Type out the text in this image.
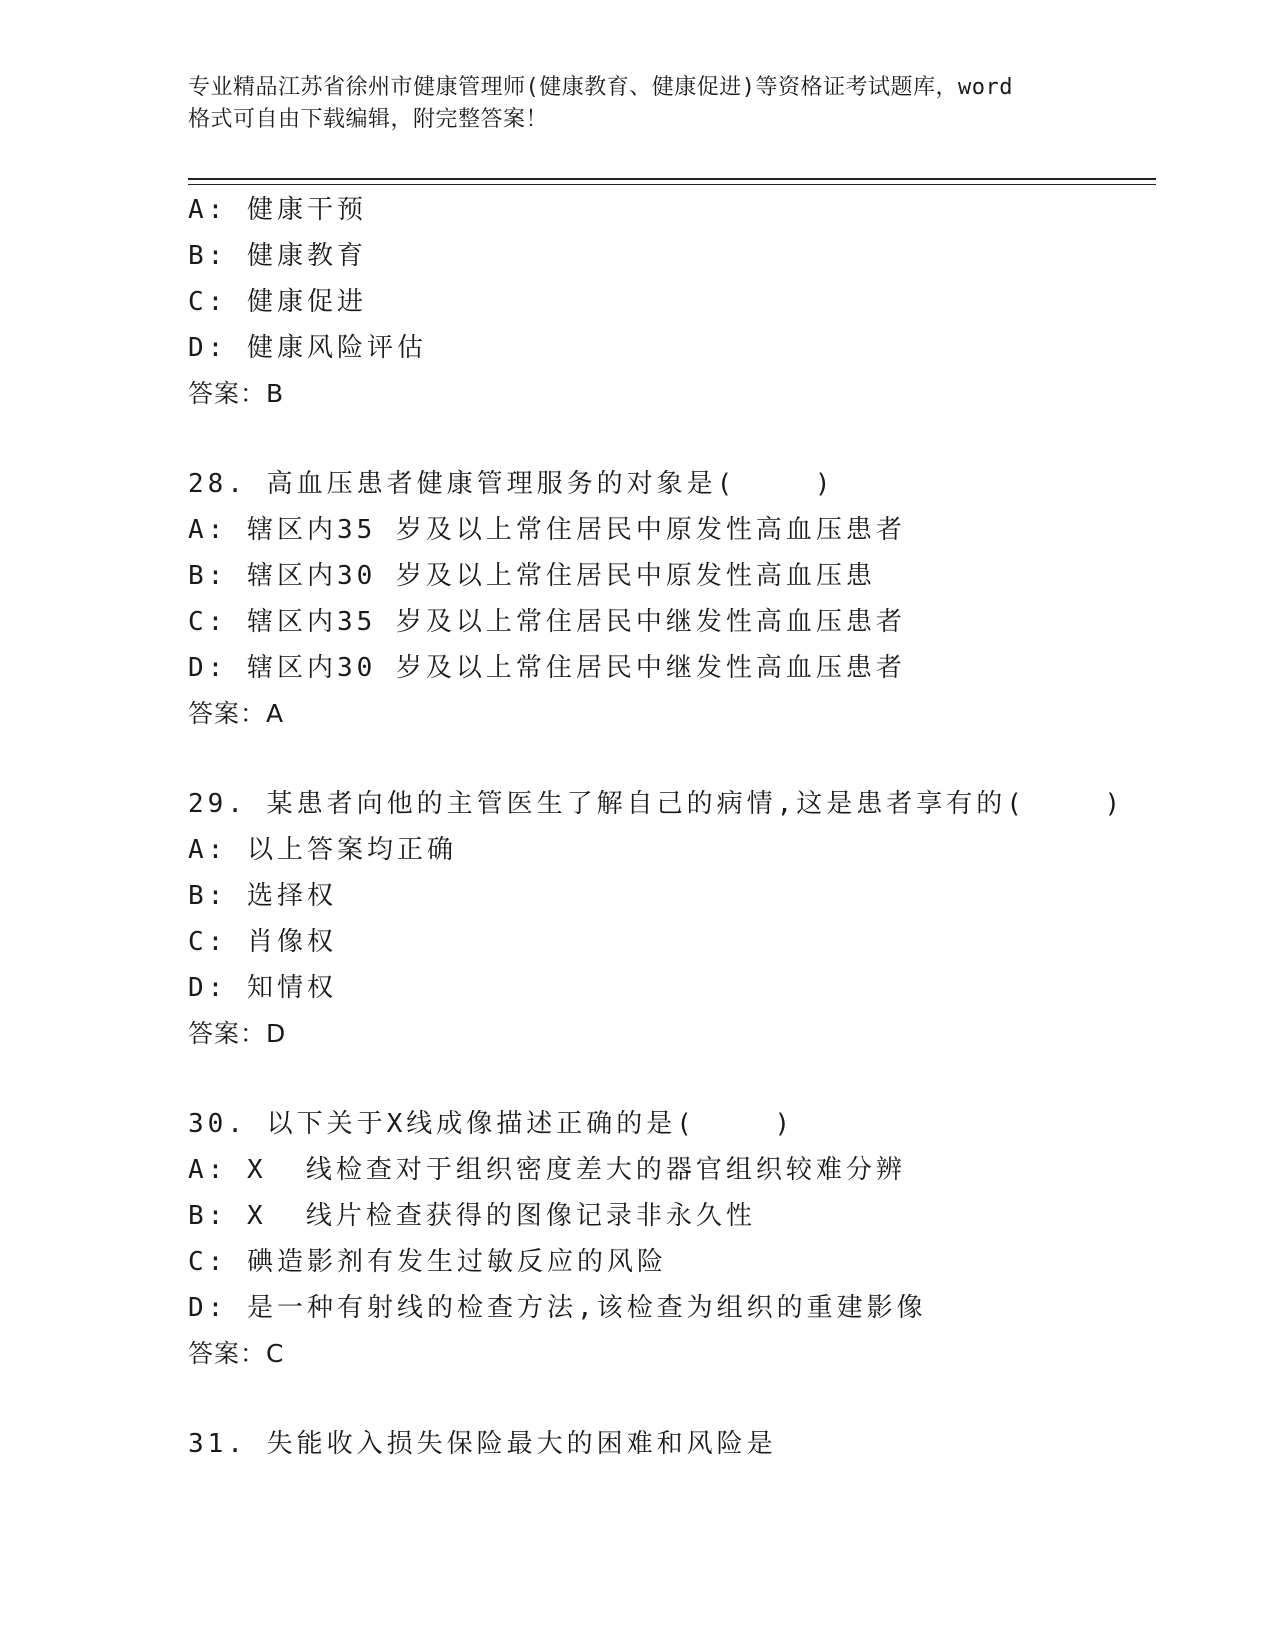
专业精品江苏省徐州市健康管理师(健康教育、健康促进)等资格证考试题库，word
格式可自由下载编辑，附完整答案！
A: 健康干预
B: 健康教育
C: 健康促进
D: 健康风险评估
答案：B
28. 高血压患者健康管理服务的对象是(    )
A: 辖区内35 岁及以上常住居民中原发性高血压患者
B: 辖区内30 岁及以上常住居民中原发性高血压患
C: 辖区内35 岁及以上常住居民中继发性高血压患者
D: 辖区内30 岁及以上常住居民中继发性高血压患者
答案：A
29. 某患者向他的主管医生了解自己的病情,这是患者享有的(    )
A: 以上答案均正确
B: 选择权
C: 肖像权
D: 知情权
答案：D
30. 以下关于X线成像描述正确的是(    )
A: X  线检查对于组织密度差大的器官组织较难分辨
B: X  线片检查获得的图像记录非永久性
C: 碘造影剂有发生过敏反应的风险
D: 是一种有射线的检查方法,该检查为组织的重建影像
答案：C
31. 失能收入损失保险最大的困难和风险是
